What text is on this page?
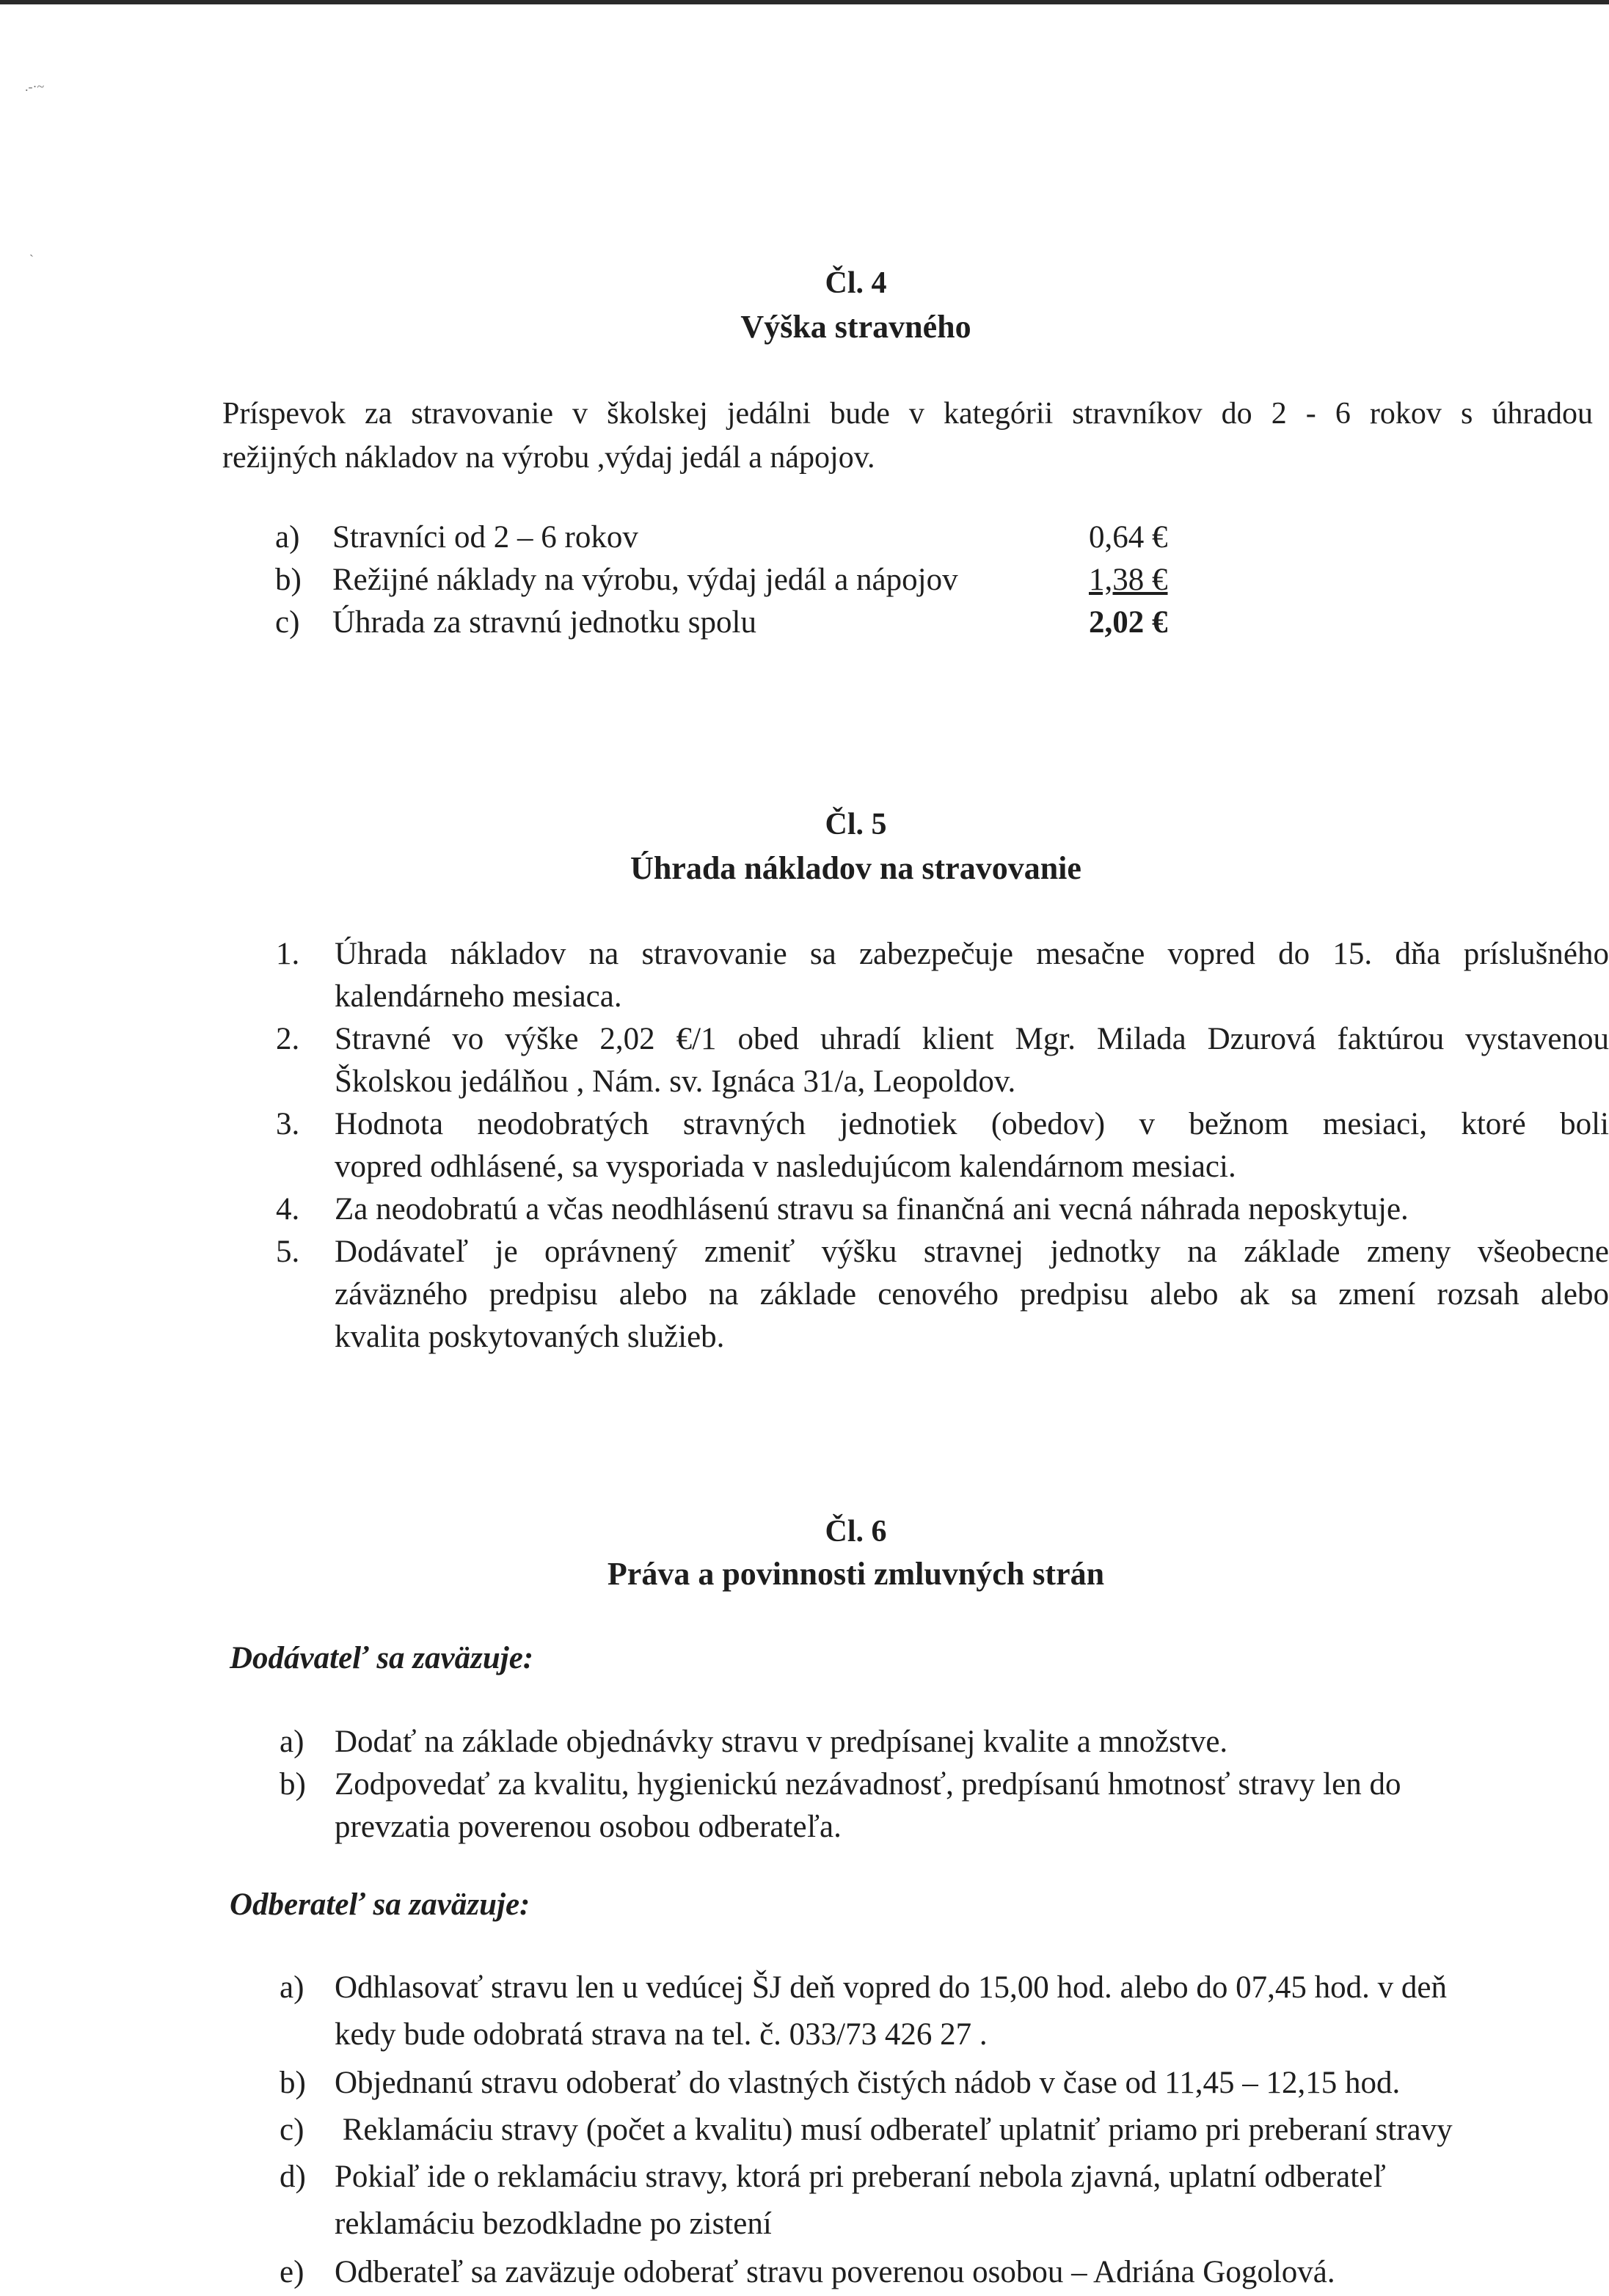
.-·~
ˎ
Čl. 4
Výška stravného
Príspevok za stravovanie v školskej jedálni bude v kategórii stravníkov do 2 - 6 rokov s úhradou
režijných nákladov na výrobu ,výdaj jedál a nápojov.
a) Stravníci od 2 – 6 rokov	0,64 €
b) Režijné náklady na výrobu, výdaj jedál a nápojov	1,38 €
c) Úhrada za stravnú jednotku spolu	2,02 €
Čl. 5
Úhrada nákladov na stravovanie
1. Úhrada nákladov na stravovanie sa zabezpečuje mesačne vopred do 15. dňa príslušného
kalendárneho mesiaca.
2. Stravné vo výške 2,02 €/1 obed uhradí klient Mgr. Milada Dzurová faktúrou vystavenou
Školskou jedálňou , Nám. sv. Ignáca 31/a, Leopoldov.
3. Hodnota neodobratých stravných jednotiek (obedov) v bežnom mesiaci, ktoré boli
vopred odhlásené, sa vysporiada v nasledujúcom kalendárnom mesiaci.
4. Za neodobratú a včas neodhlásenú stravu sa finančná ani vecná náhrada neposkytuje.
5. Dodávateľ je oprávnený zmeniť výšku stravnej jednotky na základe zmeny všeobecne
záväzného predpisu alebo na základe cenového predpisu alebo ak sa zmení rozsah alebo
kvalita poskytovaných služieb.
Čl. 6
Práva a povinnosti zmluvných strán
Dodávateľ sa zaväzuje:
a) Dodať na základe objednávky stravu v predpísanej kvalite a množstve.
b) Zodpovedať za kvalitu, hygienickú nezávadnosť, predpísanú hmotnosť stravy len do
prevzatia poverenou osobou odberateľa.
Odberateľ sa zaväzuje:
a) Odhlasovať stravu len u vedúcej ŠJ deň vopred do 15,00 hod. alebo do 07,45 hod. v deň
kedy bude odobratá strava na tel. č. 033/73 426 27 .
b) Objednanú stravu odoberať do vlastných čistých nádob v čase od 11,45 – 12,15 hod.
c) Reklamáciu stravy (počet a kvalitu) musí odberateľ uplatniť priamo pri preberaní stravy
d) Pokiaľ ide o reklamáciu stravy, ktorá pri preberaní nebola zjavná, uplatní odberateľ
reklamáciu bezodkladne po zistení
e) Odberateľ sa zaväzuje odoberať stravu poverenou osobou – Adriána Gogolová.
